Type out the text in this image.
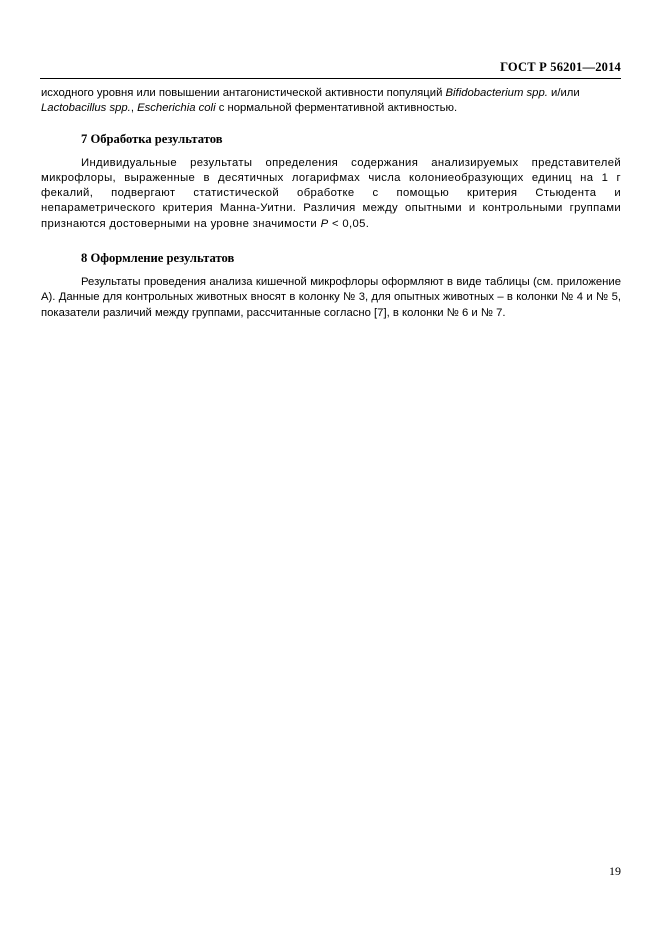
ГОСТ Р 56201—2014

исходного уровня или повышении антагонистической активности популяций Bifidobacterium spp. и/или
Lactobacillus spp., Escherichia coli с нормальной ферментативной активностью.

7 Обработка результатов

Индивидуальные результаты определения содержания анализируемых представителей микрофлоры, выраженные в десятичных логарифмах числа колониеобразующих единиц на 1 г фекалий, подвергают статистической обработке с помощью критерия Стьюдента и непараметрического критерия Манна-Уитни. Различия между опытными и контрольными группами признаются достоверными на уровне значимости P < 0,05.

8 Оформление результатов

Результаты проведения анализа кишечной микрофлоры оформляют в виде таблицы (см. приложение А). Данные для контрольных животных вносят в колонку № 3, для опытных животных – в колонки № 4 и № 5, показатели различий между группами, рассчитанные согласно [7], в колонки № 6 и № 7.

19
